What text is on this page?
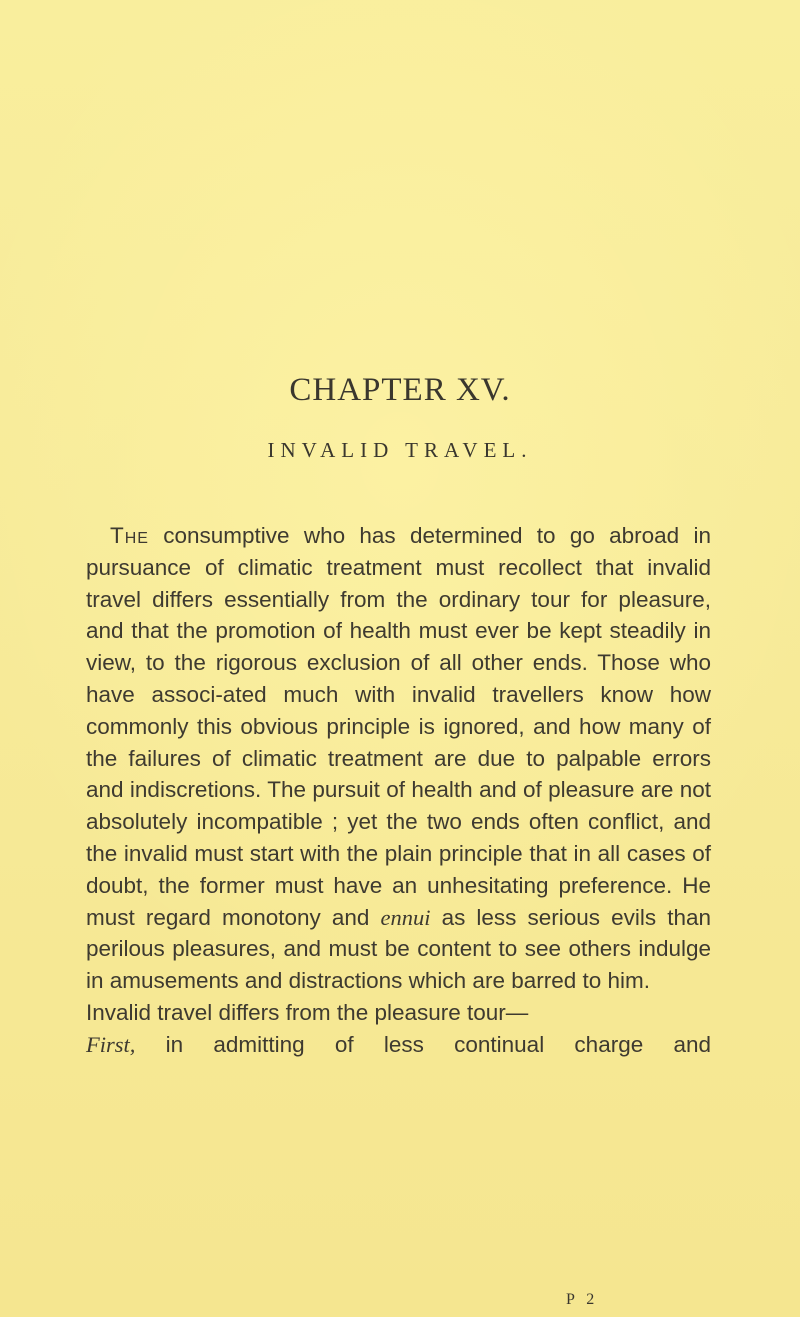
CHAPTER XV.
INVALID TRAVEL.

The consumptive who has determined to go abroad in pursuance of climatic treatment must recollect that invalid travel differs essentially from the ordinary tour for pleasure, and that the promotion of health must ever be kept steadily in view, to the rigorous exclusion of all other ends. Those who have associ-ated much with invalid travellers know how commonly this obvious principle is ignored, and how many of the failures of climatic treatment are due to palpable errors and indiscretions. The pursuit of health and of pleasure are not absolutely incompatible ; yet the two ends often conflict, and the invalid must start with the plain principle that in all cases of doubt, the former must have an unhesitating preference. He must regard monotony and ennui as less serious evils than perilous pleasures, and must be content to see others indulge in amusements and distractions which are barred to him.

Invalid travel differs from the pleasure tour—
First, in admitting of less continual charge and

P 2
